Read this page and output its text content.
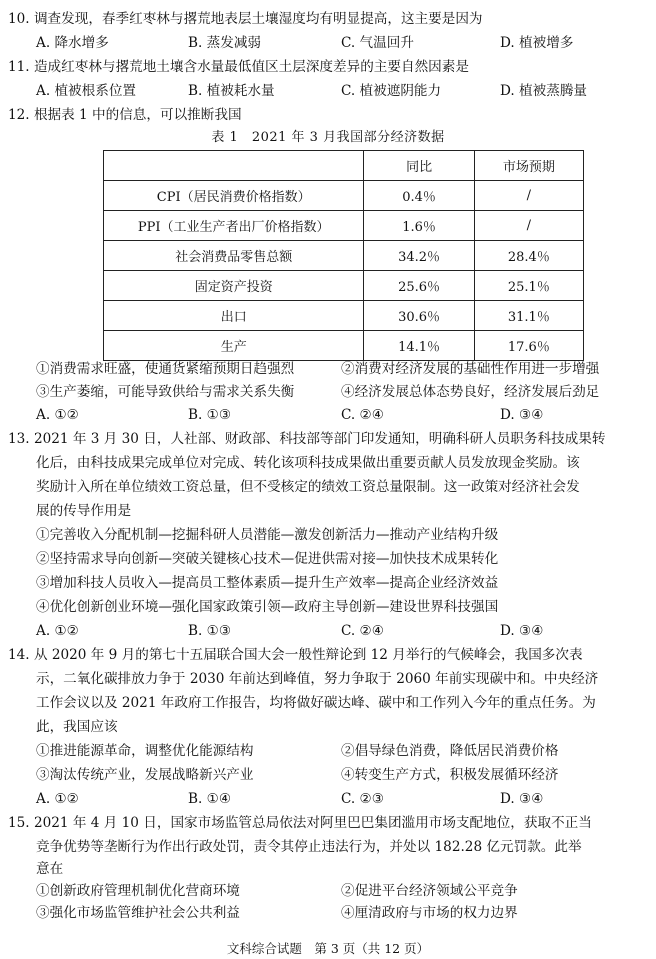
10. 调查发现，春季红枣林与撂荒地表层土壤湿度均有明显提高，这主要是因为
A. 降水增多	B. 蒸发减弱	C. 气温回升	D. 植被增多
11. 造成红枣林与撂荒地土壤含水量最低值区土层深度差异的主要自然因素是
A. 植被根系位置	B. 植被耗水量	C. 植被遮阴能力	D. 植被蒸腾量
12. 根据表 1 中的信息，可以推断我国
表 1　2021 年 3 月我国部分经济数据
	同比	市场预期
CPI（居民消费价格指数）	0.4％	/
PPI（工业生产者出厂价格指数）	1.6％	/
社会消费品零售总额	34.2％	28.4％
固定资产投资	25.6％	25.1％
出口	30.6％	31.1％
生产	14.1％	17.6％
①消费需求旺盛，使通货紧缩预期日趋强烈	②消费对经济发展的基础性作用进一步增强
③生产萎缩，可能导致供给与需求关系失衡	④经济发展总体态势良好，经济发展后劲足
A. ①②	B. ①③	C. ②④	D. ③④
13. 2021 年 3 月 30 日，人社部、财政部、科技部等部门印发通知，明确科研人员职务科技成果转
化后，由科技成果完成单位对完成、转化该项科技成果做出重要贡献人员发放现金奖励。该
奖励计入所在单位绩效工资总量，但不受核定的绩效工资总量限制。这一政策对经济社会发
展的传导作用是
①完善收入分配机制—挖掘科研人员潜能—激发创新活力—推动产业结构升级
②坚持需求导向创新—突破关键核心技术—促进供需对接—加快技术成果转化
③增加科技人员收入—提高员工整体素质—提升生产效率—提高企业经济效益
④优化创新创业环境—强化国家政策引领—政府主导创新—建设世界科技强国
A. ①②	B. ①③	C. ②④	D. ③④
14. 从 2020 年 9 月的第七十五届联合国大会一般性辩论到 12 月举行的气候峰会，我国多次表
示，二氧化碳排放力争于 2030 年前达到峰值，努力争取于 2060 年前实现碳中和。中央经济
工作会议以及 2021 年政府工作报告，均将做好碳达峰、碳中和工作列入今年的重点任务。为
此，我国应该
①推进能源革命，调整优化能源结构	②倡导绿色消费，降低居民消费价格
③淘汰传统产业，发展战略新兴产业	④转变生产方式，积极发展循环经济
A. ①②	B. ①④	C. ②③	D. ③④
15. 2021 年 4 月 10 日，国家市场监管总局依法对阿里巴巴集团滥用市场支配地位，获取不正当
竞争优势等垄断行为作出行政处罚，责令其停止违法行为，并处以 182.28 亿元罚款。此举
意在
①创新政府管理机制优化营商环境	②促进平台经济领域公平竞争
③强化市场监管维护社会公共利益	④厘清政府与市场的权力边界
文科综合试题　第 3 页（共 12 页）
